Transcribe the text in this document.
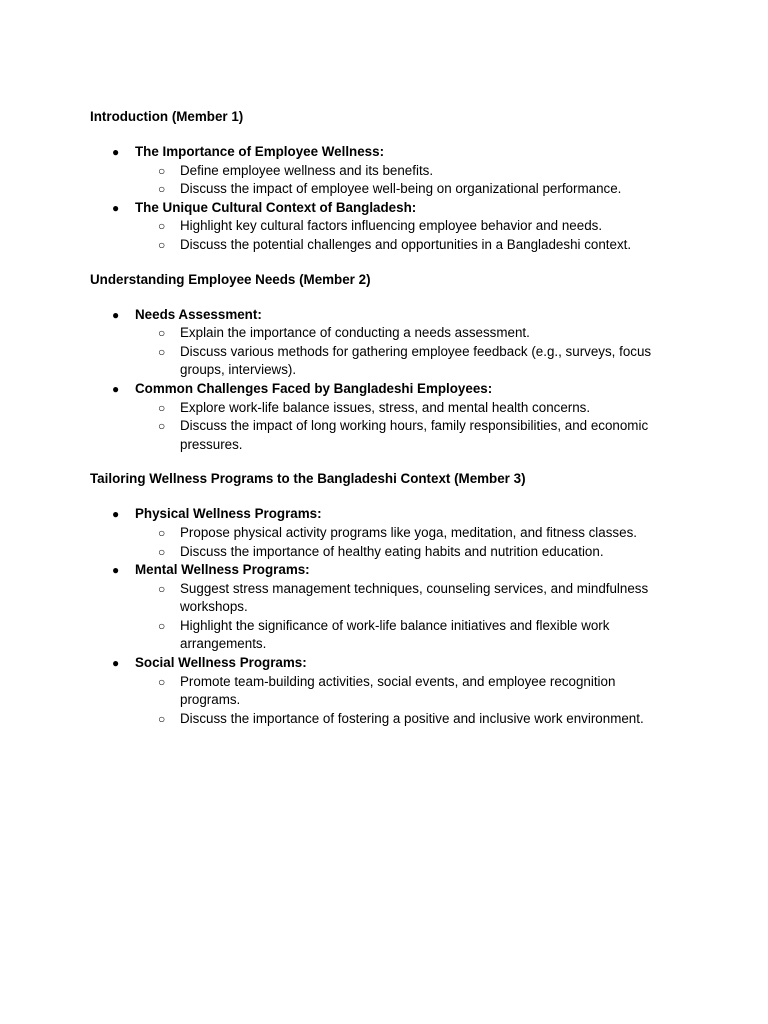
Introduction (Member 1)
● The Importance of Employee Wellness:
○ Define employee wellness and its benefits.
○ Discuss the impact of employee well-being on organizational performance.
● The Unique Cultural Context of Bangladesh:
○ Highlight key cultural factors influencing employee behavior and needs.
○ Discuss the potential challenges and opportunities in a Bangladeshi context.
Understanding Employee Needs (Member 2)
● Needs Assessment:
○ Explain the importance of conducting a needs assessment.
○ Discuss various methods for gathering employee feedback (e.g., surveys, focus groups, interviews).
● Common Challenges Faced by Bangladeshi Employees:
○ Explore work-life balance issues, stress, and mental health concerns.
○ Discuss the impact of long working hours, family responsibilities, and economic pressures.
Tailoring Wellness Programs to the Bangladeshi Context (Member 3)
● Physical Wellness Programs:
○ Propose physical activity programs like yoga, meditation, and fitness classes.
○ Discuss the importance of healthy eating habits and nutrition education.
● Mental Wellness Programs:
○ Suggest stress management techniques, counseling services, and mindfulness workshops.
○ Highlight the significance of work-life balance initiatives and flexible work arrangements.
● Social Wellness Programs:
○ Promote team-building activities, social events, and employee recognition programs.
○ Discuss the importance of fostering a positive and inclusive work environment.
